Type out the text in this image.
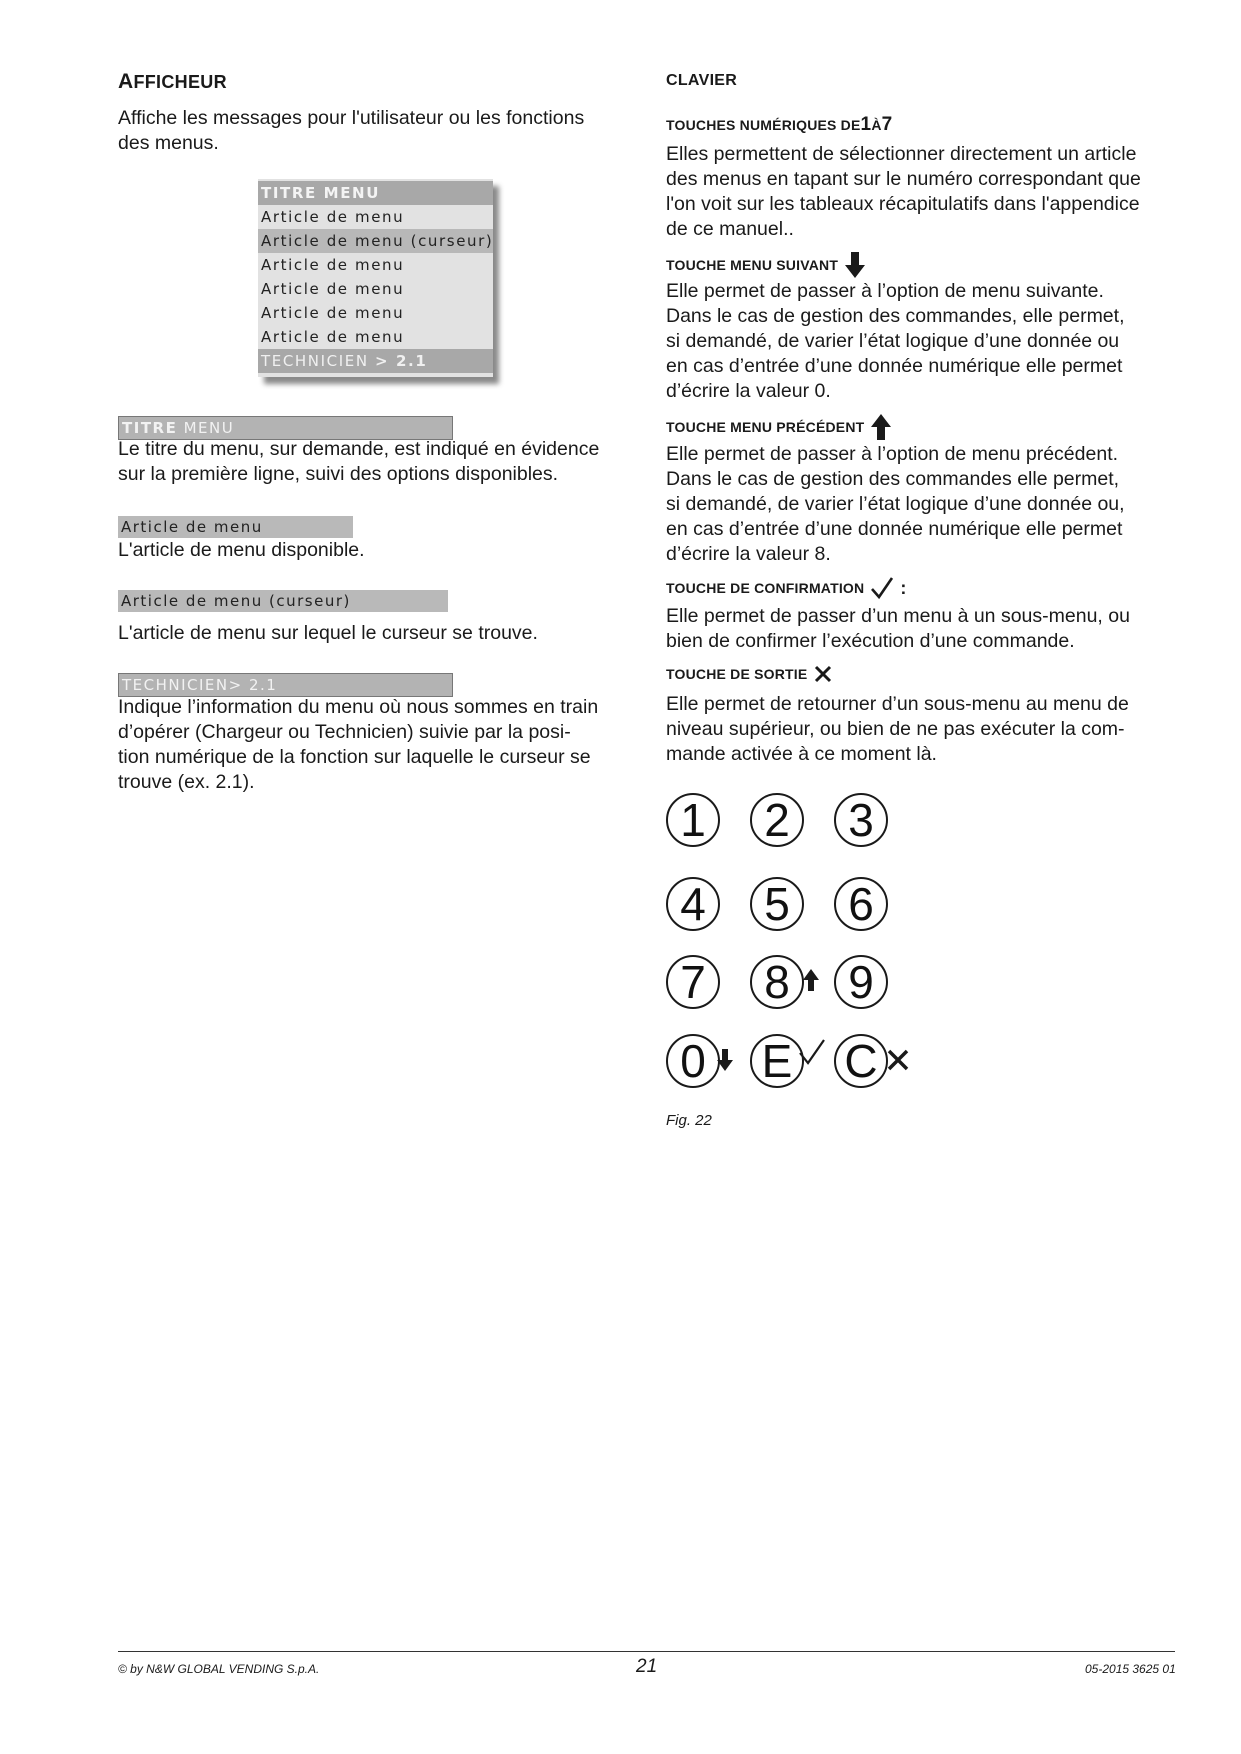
AFFICHEUR
Affiche les messages pour l'utilisateur ou les fonctions
des menus.
TITRE MENU
Article de menu
Article de menu (curseur)
Article de menu
Article de menu
Article de menu
Article de menu
TECHNICIEN > 2.1
TITRE MENU
Le titre du menu, sur demande, est indiqué en évidence
sur la première ligne, suivi des options disponibles.
Article de menu
L'article de menu disponible.
Article de menu (curseur)
L'article de menu sur lequel le curseur se trouve.
TECHNICIEN> 2.1
Indique l’information du menu où nous sommes en train
d’opérer (Chargeur ou Technicien) suivie par la posi-
tion numérique de la fonction sur laquelle le curseur se
trouve (ex. 2.1).
CLAVIER
TOUCHES NUMÉRIQUES DE 1 À 7
Elles permettent de sélectionner directement un article
des menus en tapant sur le numéro correspondant que
l'on voit sur les tableaux récapitulatifs dans l'appendice
de ce manuel..
TOUCHE MENU SUIVANT
Elle permet de passer à l’option de menu suivante.
Dans le cas de gestion des commandes, elle permet,
si demandé, de varier l’état logique d’une donnée ou
en cas d’entrée d’une donnée numérique elle permet
d’écrire la valeur 0.
TOUCHE MENU PRÉCÉDENT
Elle permet de passer à l’option de menu précédent.
Dans le cas de gestion des commandes elle permet,
si demandé, de varier l’état logique d’une donnée ou,
en cas d’entrée d’une donnée numérique elle permet
d’écrire la valeur 8.
TOUCHE DE CONFIRMATION :
Elle permet de passer d’un menu à un sous-menu, ou
bien de confirmer l’exécution d’une commande.
TOUCHE DE SORTIE
Elle permet de retourner d’un sous-menu au menu de
niveau supérieur, ou bien de ne pas exécuter la com-
mande activée à ce moment là.
1	2	3
4	5	6
7	8	9
0	E C
Fig. 22
© by N&W GLOBAL VENDING S.p.A.	21	05-2015 3625 01
